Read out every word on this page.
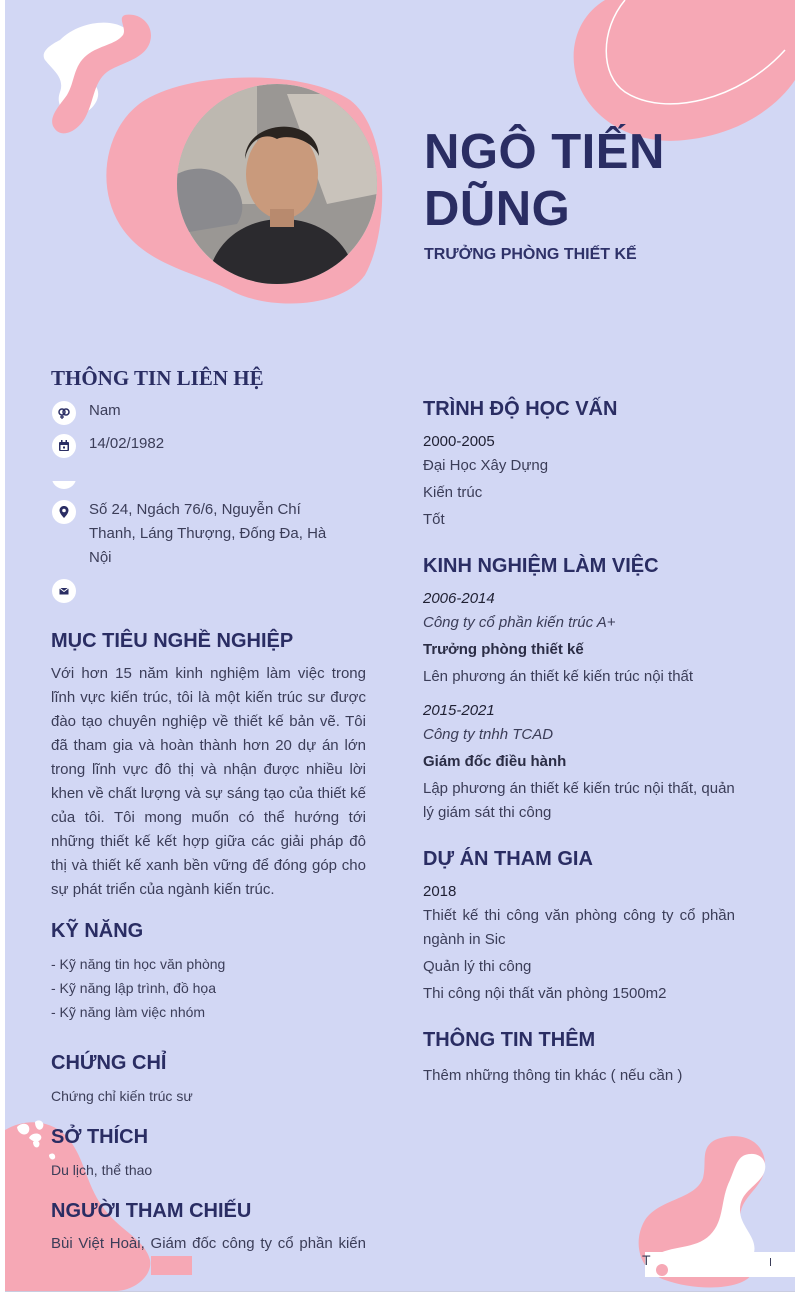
NGÔ TIẾN DŨNG
TRƯỞNG PHÒNG THIẾT KẾ
THÔNG TIN LIÊN HỆ
Nam
14/02/1982
Số 24, Ngách 76/6, Nguyễn Chí Thanh, Láng Thượng, Đống Đa, Hà Nội
MỤC TIÊU NGHỀ NGHIỆP
Với hơn 15 năm kinh nghiệm làm việc trong lĩnh vực kiến trúc, tôi là một kiến trúc sư được đào tạo chuyên nghiệp về thiết kế bản vẽ. Tôi đã tham gia và hoàn thành hơn 20 dự án lớn trong lĩnh vực đô thị và nhận được nhiều lời khen về chất lượng và sự sáng tạo của thiết kế của tôi. Tôi mong muốn có thể hướng tới những thiết kế kết hợp giữa các giải pháp đô thị và thiết kế xanh bền vững để đóng góp cho sự phát triển của ngành kiến trúc.
KỸ NĂNG
- Kỹ năng tin học văn phòng
- Kỹ năng lập trình, đồ họa
- Kỹ năng làm việc nhóm
CHỨNG CHỈ
Chứng chỉ kiến trúc sư
SỞ THÍCH
Du lịch, thể thao
NGƯỜI THAM CHIẾU
Bùi Việt Hoài, Giám đốc công ty cổ phần kiến
TRÌNH ĐỘ HỌC VẤN
2000-2005
Đại Học Xây Dựng
Kiến trúc
Tốt
KINH NGHIỆM LÀM VIỆC
2006-2014
Công ty cổ phần kiến trúc A+
Trưởng phòng thiết kế
Lên phương án thiết kế kiến trúc nội thất
2015-2021
Công ty tnhh TCAD
Giám đốc điều hành
Lập phương án thiết kế kiến trúc nội thất, quản lý giám sát thi công
DỰ ÁN THAM GIA
2018
Thiết kế thi công văn phòng công ty cổ phần ngành in Sic
Quản lý thi công
Thi công nội thất văn phòng 1500m2
THÔNG TIN THÊM
Thêm những thông tin khác ( nếu cần )
T
